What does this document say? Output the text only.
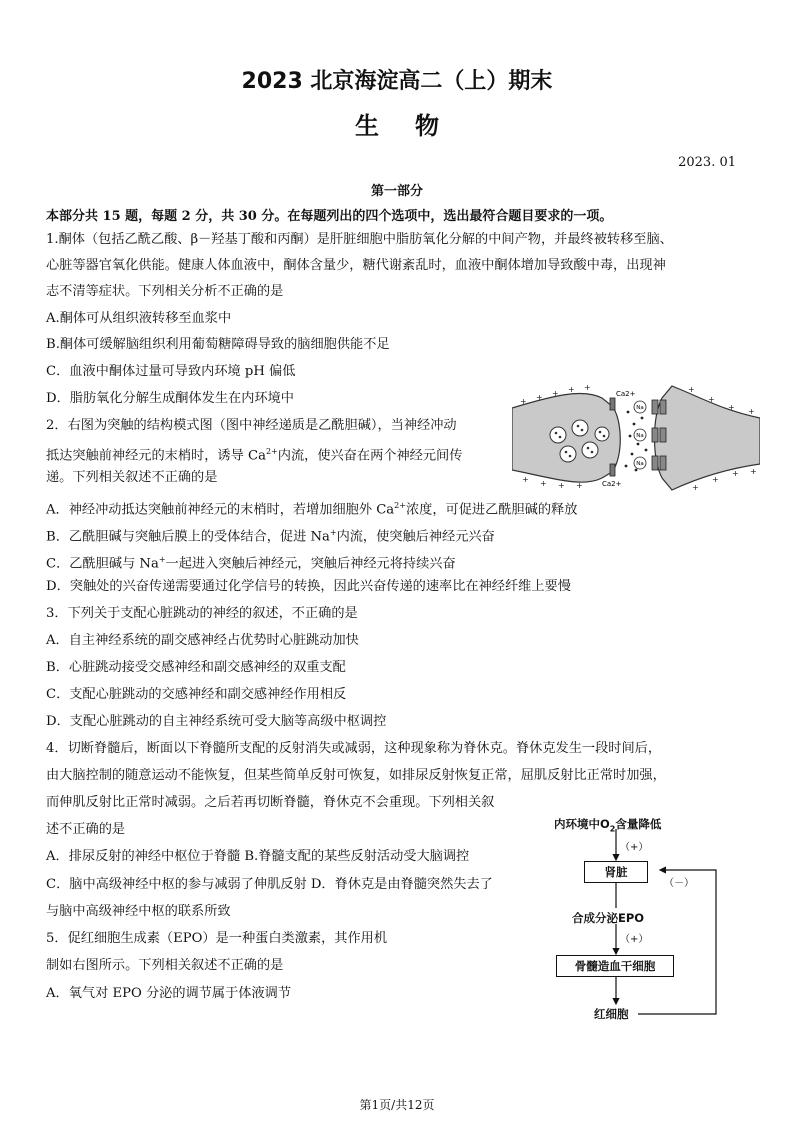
2023 北京海淀高二（上）期末
生物
2023. 01
第一部分
本部分共 15 题，每题 2 分，共 30 分。在每题列出的四个选项中，选出最符合题目要求的一项。
1.酮体（包括乙酰乙酸、β－羟基丁酸和丙酮）是肝脏细胞中脂肪氧化分解的中间产物，并最终被转移至脑、
心脏等器官氧化供能。健康人体血液中，酮体含量少，糖代谢紊乱时，血液中酮体增加导致酸中毒，出现神
志不清等症状。下列相关分析不正确的是
A.酮体可从组织液转移至血浆中
B.酮体可缓解脑组织利用葡萄糖障碍导致的脑细胞供能不足
C．血液中酮体过量可导致内环境 pH 偏低
D．脂肪氧化分解生成酮体发生在内环境中
2．右图为突触的结构模式图（图中神经递质是乙酰胆碱），当神经冲动
抵达突触前神经元的末梢时，诱导 $Ca^{2+}$内流，使兴奋在两个神经元间传
递。下列相关叙述不正确的是
A．神经冲动抵达突触前神经元的末梢时，若增加细胞外 $Ca^{2+}$浓度，可促进乙酰胆碱的释放
B．乙酰胆碱与突触后膜上的受体结合，促进 Na+内流，使突触后神经元兴奋
C．乙酰胆碱与 Na+一起进入突触后神经元，突触后神经元将持续兴奋
D．突触处的兴奋传递需要通过化学信号的转换，因此兴奋传递的速率比在神经纤维上要慢
3．下列关于支配心脏跳动的神经的叙述，不正确的是
A．自主神经系统的副交感神经占优势时心脏跳动加快
B．心脏跳动接受交感神经和副交感神经的双重支配
C．支配心脏跳动的交感神经和副交感神经作用相反
D．支配心脏跳动的自主神经系统可受大脑等高级中枢调控
4．切断脊髓后，断面以下脊髓所支配的反射消失或减弱，这种现象称为脊休克。脊休克发生一段时间后，
由大脑控制的随意运动不能恢复，但某些简单反射可恢复，如排尿反射恢复正常，屈肌反射比正常时加强，
而伸肌反射比正常时减弱。之后若再切断脊髓，脊休克不会重现。下列相关叙
述不正确的是
A．排尿反射的神经中枢位于脊髓 B.脊髓支配的某些反射活动受大脑调控
C．脑中高级神经中枢的参与减弱了伸肌反射 D．脊休克是由脊髓突然失去了
与脑中高级神经中枢的联系所致
5．促红细胞生成素（EPO）是一种蛋白类激素，其作用机
制如右图所示。下列相关叙述不正确的是
A．氧气对 EPO 分泌的调节属于体液调节
Na
Na
Na
Ca2+
Ca2+
+ + + + +
+ + + +
+
+
+ +
+
+
+ +
内环境中$O_2$含量降低
（+）
肾脏
（－）
合成分泌EPO
（+）
骨髓造血干细胞
红细胞
第1页/共12页
